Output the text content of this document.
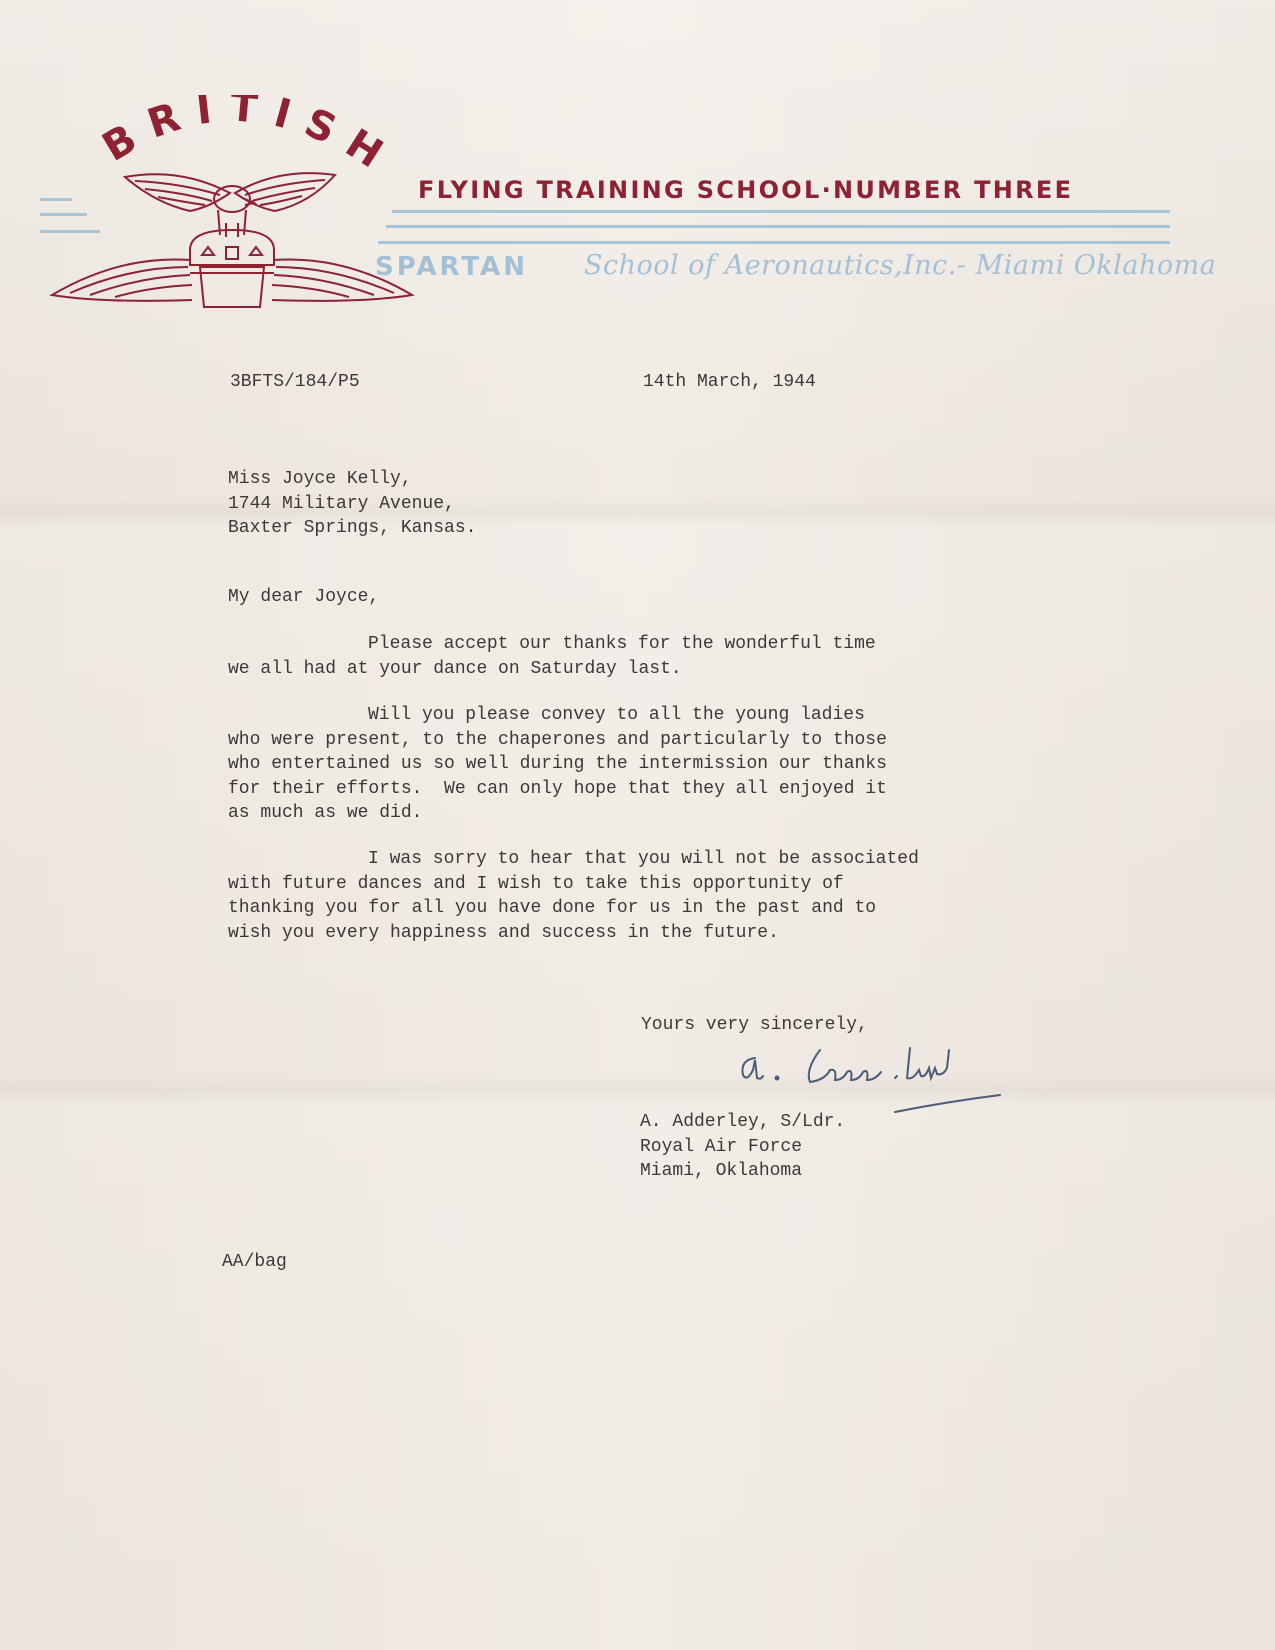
BRITISH
FLYING TRAINING SCHOOL·NUMBER THREE
SPARTAN School of Aeronautics,Inc.- Miami Oklahoma
3BFTS/184/P5	14th March, 1944
Miss Joyce Kelly,
1744 Military Avenue,
Baxter Springs, Kansas.
My dear Joyce,
Please accept our thanks for the wonderful time
we all had at your dance on Saturday last.
Will you please convey to all the young ladies
who were present, to the chaperones and particularly to those
who entertained us so well during the intermission our thanks
for their efforts.  We can only hope that they all enjoyed it
as much as we did.
I was sorry to hear that you will not be associated
with future dances and I wish to take this opportunity of
thanking you for all you have done for us in the past and to
wish you every happiness and success in the future.
Yours very sincerely,
A. Adderley, S/Ldr.
Royal Air Force
Miami, Oklahoma
AA/bag
